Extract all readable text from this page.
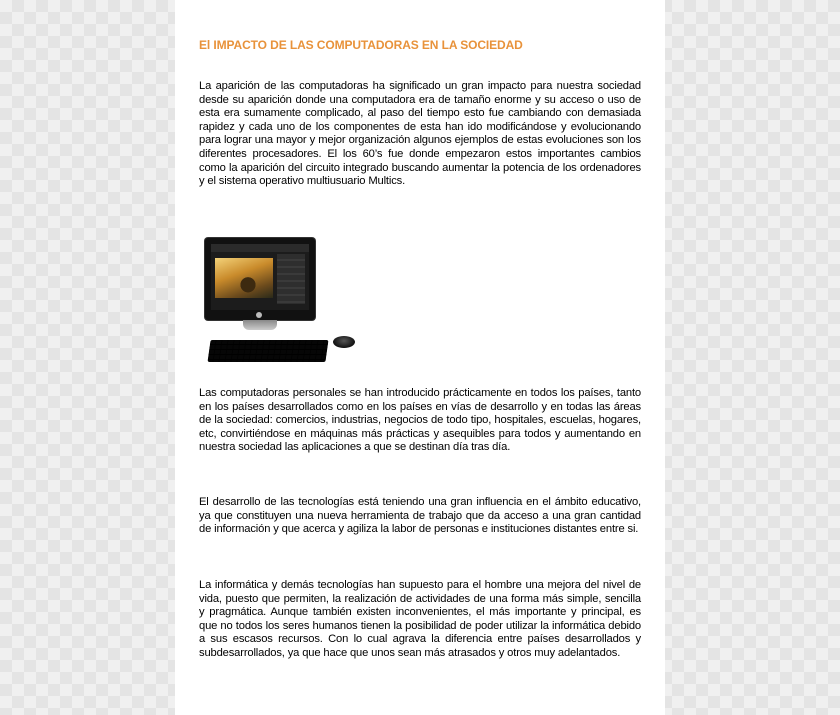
El IMPACTO DE LAS COMPUTADORAS EN LA SOCIEDAD
La aparición de las computadoras ha significado un gran impacto para nuestra sociedad desde su aparición donde una computadora era de tamaño enorme y su acceso o uso de esta era sumamente complicado, al paso del tiempo esto fue cambiando con demasiada rapidez y cada uno de los componentes de esta han ido modificándose y evolucionando para lograr una mayor y mejor organización algunos ejemplos de estas evoluciones son los diferentes procesadores. El los 60’s fue donde empezaron estos importantes cambios como la aparición del circuito integrado buscando aumentar la potencia de los ordenadores y el sistema operativo multiusuario Multics.
Las computadoras personales se han introducido prácticamente en todos los países, tanto en los países desarrollados como en los países en vías de desarrollo y en todas las áreas de la sociedad: comercios, industrias, negocios de todo tipo, hospitales, escuelas, hogares, etc, convirtiéndose en máquinas más prácticas y asequibles para todos y aumentando en nuestra sociedad las aplicaciones a que se destinan día tras día.
El desarrollo de las tecnologías está teniendo una gran influencia en el ámbito educativo, ya que constituyen una nueva herramienta de trabajo que da acceso a una gran cantidad de información y que acerca y agiliza la labor de personas e instituciones distantes entre si.
La informática y demás tecnologías han supuesto para el hombre una mejora del nivel de vida, puesto que permiten, la realización de actividades de una forma más simple, sencilla y pragmática. Aunque también existen inconvenientes, el más importante y principal, es que no todos los seres humanos tienen la posibilidad de poder utilizar la informática debido a sus escasos recursos. Con lo cual agrava la diferencia entre países desarrollados y subdesarrollados, ya que hace que unos sean más atrasados y otros muy adelantados.
